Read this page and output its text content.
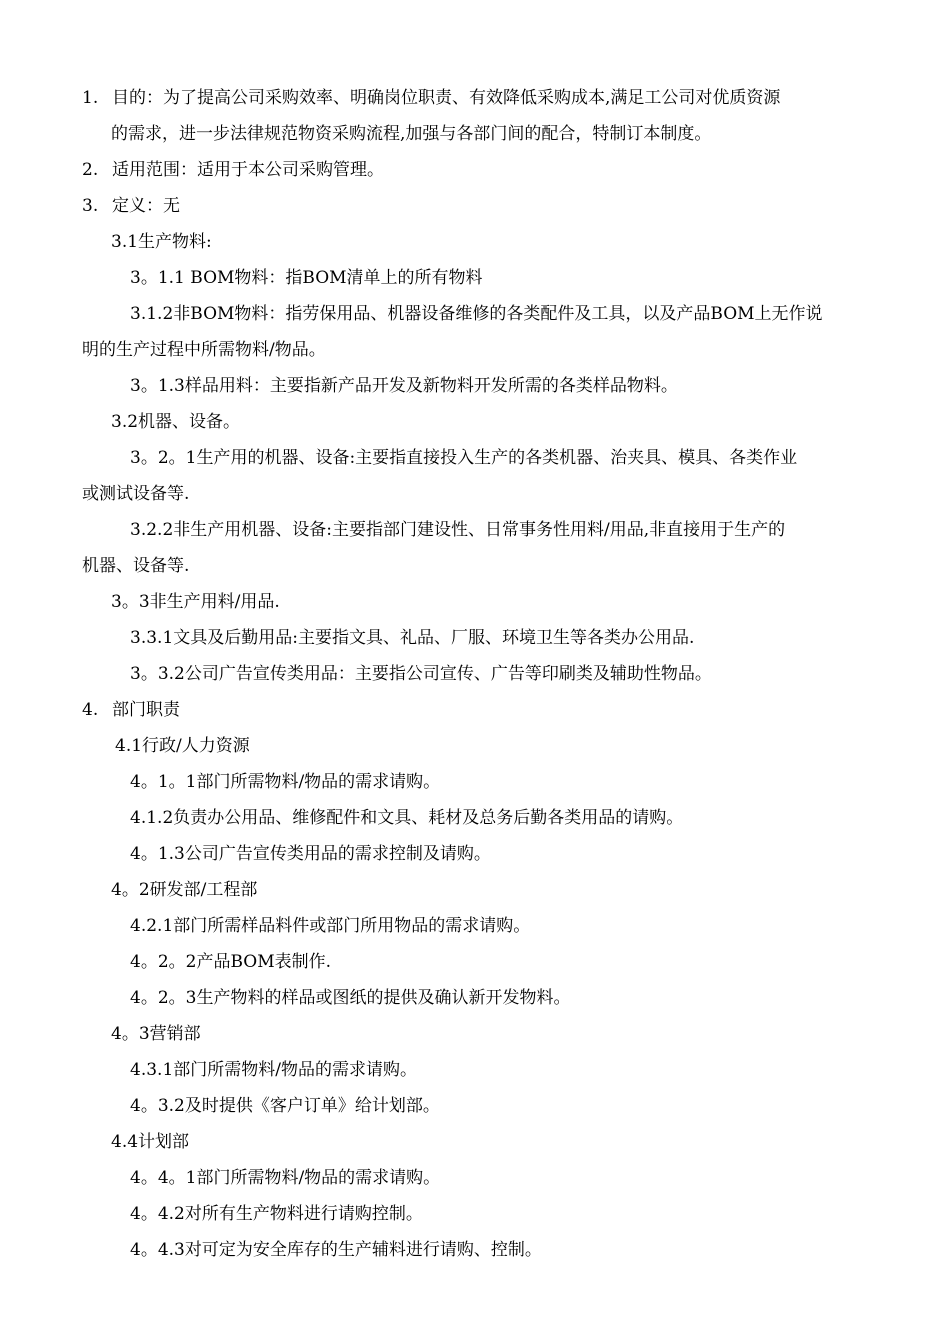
1. 目的：为了提高公司采购效率、明确岗位职责、有效降低采购成本,满足工公司对优质资源
的需求，进一步法律规范物资采购流程,加强与各部门间的配合，特制订本制度。
2. 适用范围：适用于本公司采购管理。
3. 定义：无
3.1生产物料:
3。1.1 BOM物料：指BOM清单上的所有物料
3.1.2非BOM物料：指劳保用品、机器设备维修的各类配件及工具，以及产品BOM上无作说
明的生产过程中所需物料/物品。
3。1.3样品用料：主要指新产品开发及新物料开发所需的各类样品物料。
3.2机器、设备。
3。2。1生产用的机器、设备:主要指直接投入生产的各类机器、治夹具、模具、各类作业
或测试设备等.
3.2.2非生产用机器、设备:主要指部门建设性、日常事务性用料/用品,非直接用于生产的
机器、设备等.
3。3非生产用料/用品.
3.3.1文具及后勤用品:主要指文具、礼品、厂服、环境卫生等各类办公用品.
3。3.2公司广告宣传类用品：主要指公司宣传、广告等印刷类及辅助性物品。
4. 部门职责
4.1行政/人力资源
4。1。1部门所需物料/物品的需求请购。
4.1.2负责办公用品、维修配件和文具、耗材及总务后勤各类用品的请购。
4。1.3公司广告宣传类用品的需求控制及请购。
4。2研发部/工程部
4.2.1部门所需样品料件或部门所用物品的需求请购。
4。2。2产品BOM表制作.
4。2。3生产物料的样品或图纸的提供及确认新开发物料。
4。3营销部
4.3.1部门所需物料/物品的需求请购。
4。3.2及时提供《客户订单》给计划部。
4.4计划部
4。4。1部门所需物料/物品的需求请购。
4。4.2对所有生产物料进行请购控制。
4。4.3对可定为安全库存的生产辅料进行请购、控制。
